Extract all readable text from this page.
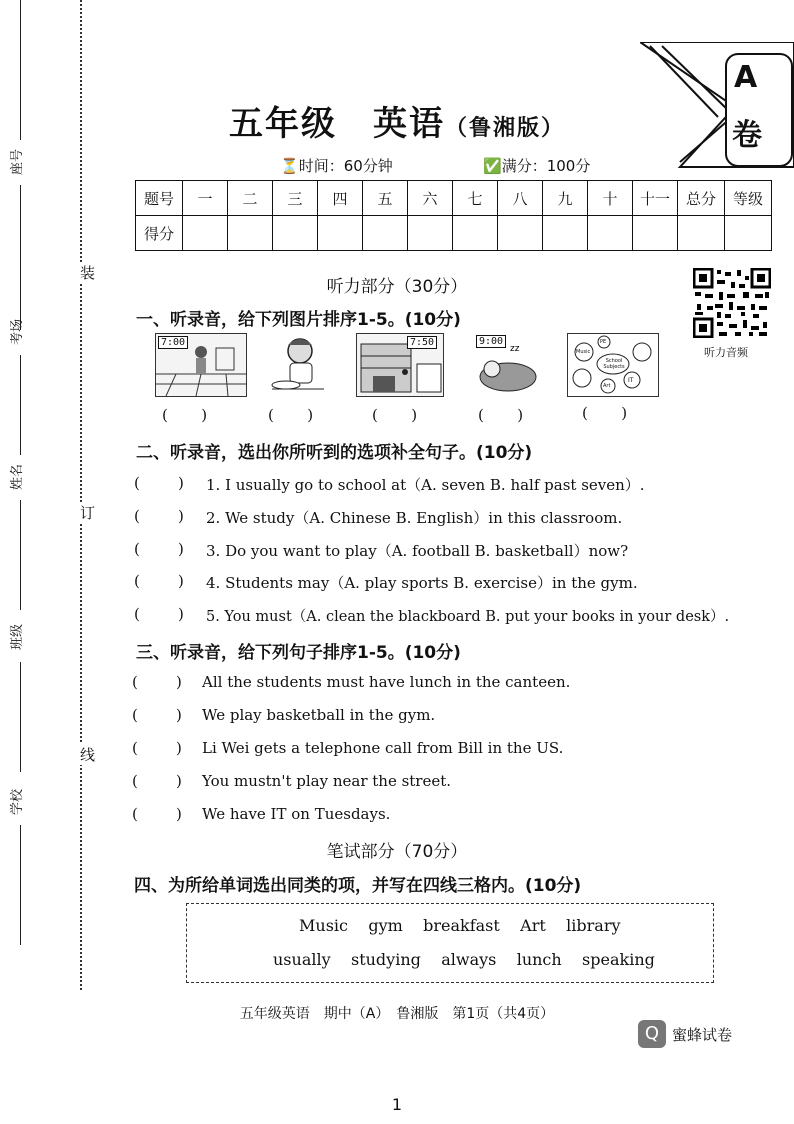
座号
考场
姓名
班级
学校
装
订
线
A
卷
五年级　英语（鲁湘版）
⏳时间：60分钟	✅满分：100分
题号	一	二	三	四	五	六	七	八	九	十	十一	总分	等级
得分													
听力部分（30分）
听力音频
一、听录音，给下列图片排序1-5。(10分)
7:00	7:50	9:00
zz
School Subjects
Music
PE
Art
IT
(       )	(       )	(       )	(       )	(       )
二、听录音，选出你所听到的选项补全句子。(10分)
(        ) 1. I usually go to school at（A. seven B. half past seven）.
(        ) 2. We study（A. Chinese B. English）in this classroom.
(        ) 3. Do you want to play（A. football B. basketball）now?
(        ) 4. Students may（A. play sports B. exercise）in the gym.
(        ) 5. You must（A. clean the blackboard B. put your books in your desk）.
三、听录音，给下列句子排序1-5。(10分)
(        ) All the students must have lunch in the canteen.
(        ) We play basketball in the gym.
(        ) Li Wei gets a telephone call from Bill in the US.
(        ) You mustn't play near the street.
(        ) We have IT on Tuesdays.
笔试部分（70分）
四、为所给单词选出同类的项，并写在四线三格内。(10分)
Music gym breakfast Art library
usually studying always lunch speaking
五年级英语　期中（A）　鲁湘版　第1页（共4页）
Q 蜜蜂试卷
1
